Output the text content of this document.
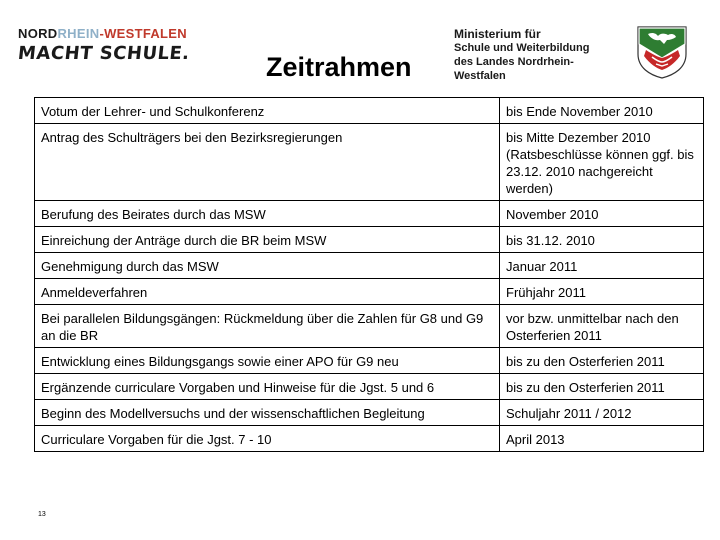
NORDRHEIN-WESTFALEN
MACHT SCHULE.	Zeitrahmen
Ministerium für
Schule und Weiterbildung
des Landes Nordrhein-Westfalen
Votum der Lehrer- und Schulkonferenz	bis Ende November 2010
Antrag des Schulträgers bei den Bezirksregierungen	bis Mitte Dezember 2010 (Ratsbeschlüsse können ggf. bis 23.12. 2010 nachgereicht werden)
Berufung des Beirates durch das MSW	November 2010
Einreichung der Anträge durch die BR beim MSW	bis 31.12. 2010
Genehmigung durch das MSW	Januar 2011
Anmeldeverfahren	Frühjahr 2011
Bei parallelen Bildungsgängen: Rückmeldung über die Zahlen für G8 und G9 an die BR	vor bzw. unmittelbar nach den Osterferien 2011
Entwicklung eines Bildungsgangs sowie einer APO für G9 neu	bis zu den Osterferien 2011
Ergänzende curriculare Vorgaben und Hinweise für die Jgst. 5 und 6	bis zu den Osterferien 2011
Beginn des Modellversuchs und der wissenschaftlichen Begleitung	Schuljahr 2011 / 2012
Curriculare Vorgaben für die Jgst. 7 - 10	April 2013
13
